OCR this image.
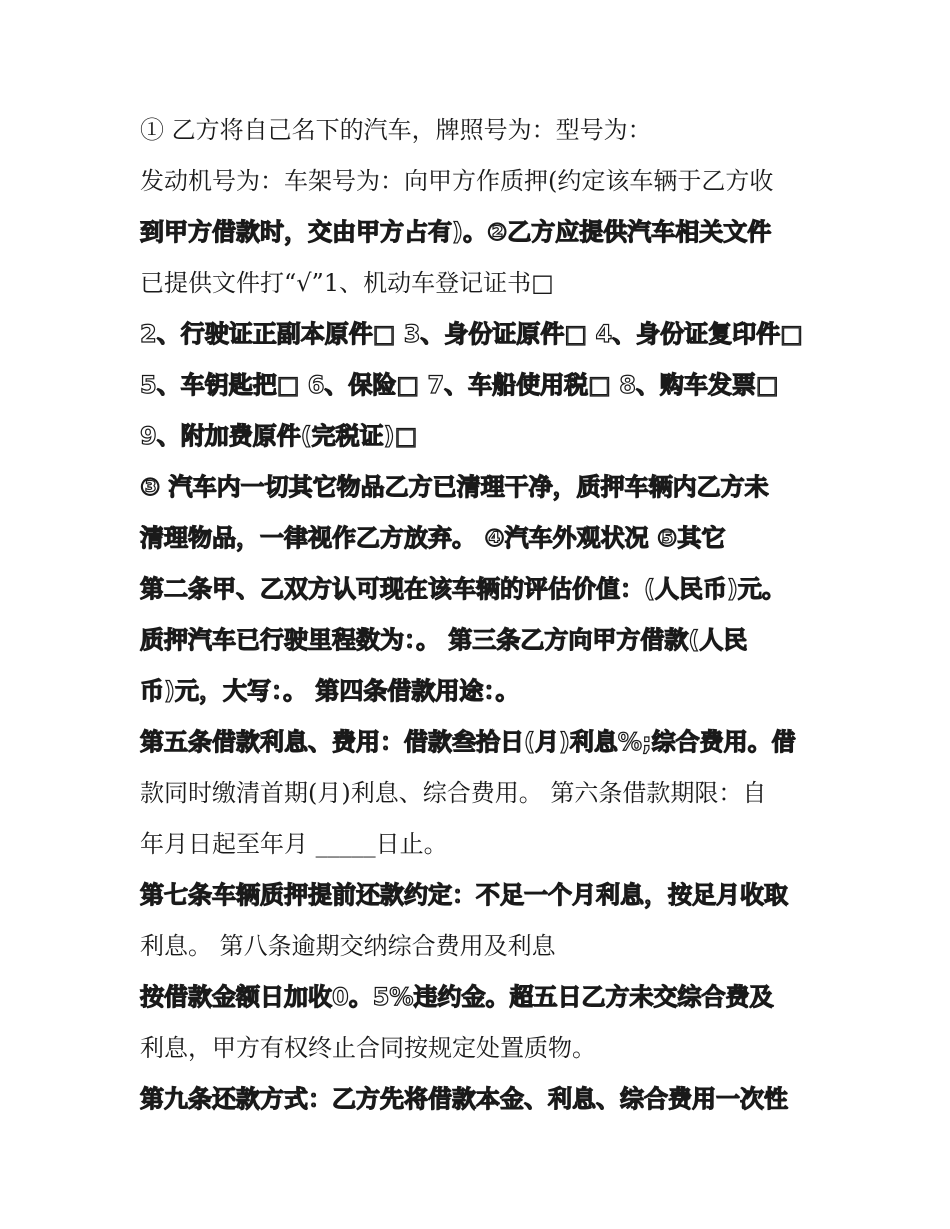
① 乙方将自己名下的汽车，牌照号为：型号为：
发动机号为：车架号为：向甲方作质押(约定该车辆于乙方收
到甲方借款时，交由甲方占有)。②乙方应提供汽车相关文件
已提供文件打“√”1、机动车登记证书□
2、行驶证正副本原件□ 3、身份证原件□ 4、身份证复印件□
5、车钥匙把□ 6、保险□ 7、车船使用税□ 8、购车发票□
9、附加费原件(完税证)□
③ 汽车内一切其它物品乙方已清理干净，质押车辆内乙方未
清理物品，一律视作乙方放弃。 ④汽车外观状况 ⑤其它
第二条甲、乙双方认可现在该车辆的评估价值：(人民币)元。
质押汽车已行驶里程数为：。 第三条乙方向甲方借款(人民
币)元，大写：。 第四条借款用途：。
第五条借款利息、费用：借款叁拾日(月)利息%;综合费用。借
款同时缴清首期(月)利息、综合费用。 第六条借款期限：自
年月日起至年月 _____日止。
第七条车辆质押提前还款约定：不足一个月利息，按足月收取
利息。 第八条逾期交纳综合费用及利息
按借款金额日加收0。5%违约金。超五日乙方未交综合费及
利息，甲方有权终止合同按规定处置质物。
第九条还款方式：乙方先将借款本金、利息、综合费用一次性
